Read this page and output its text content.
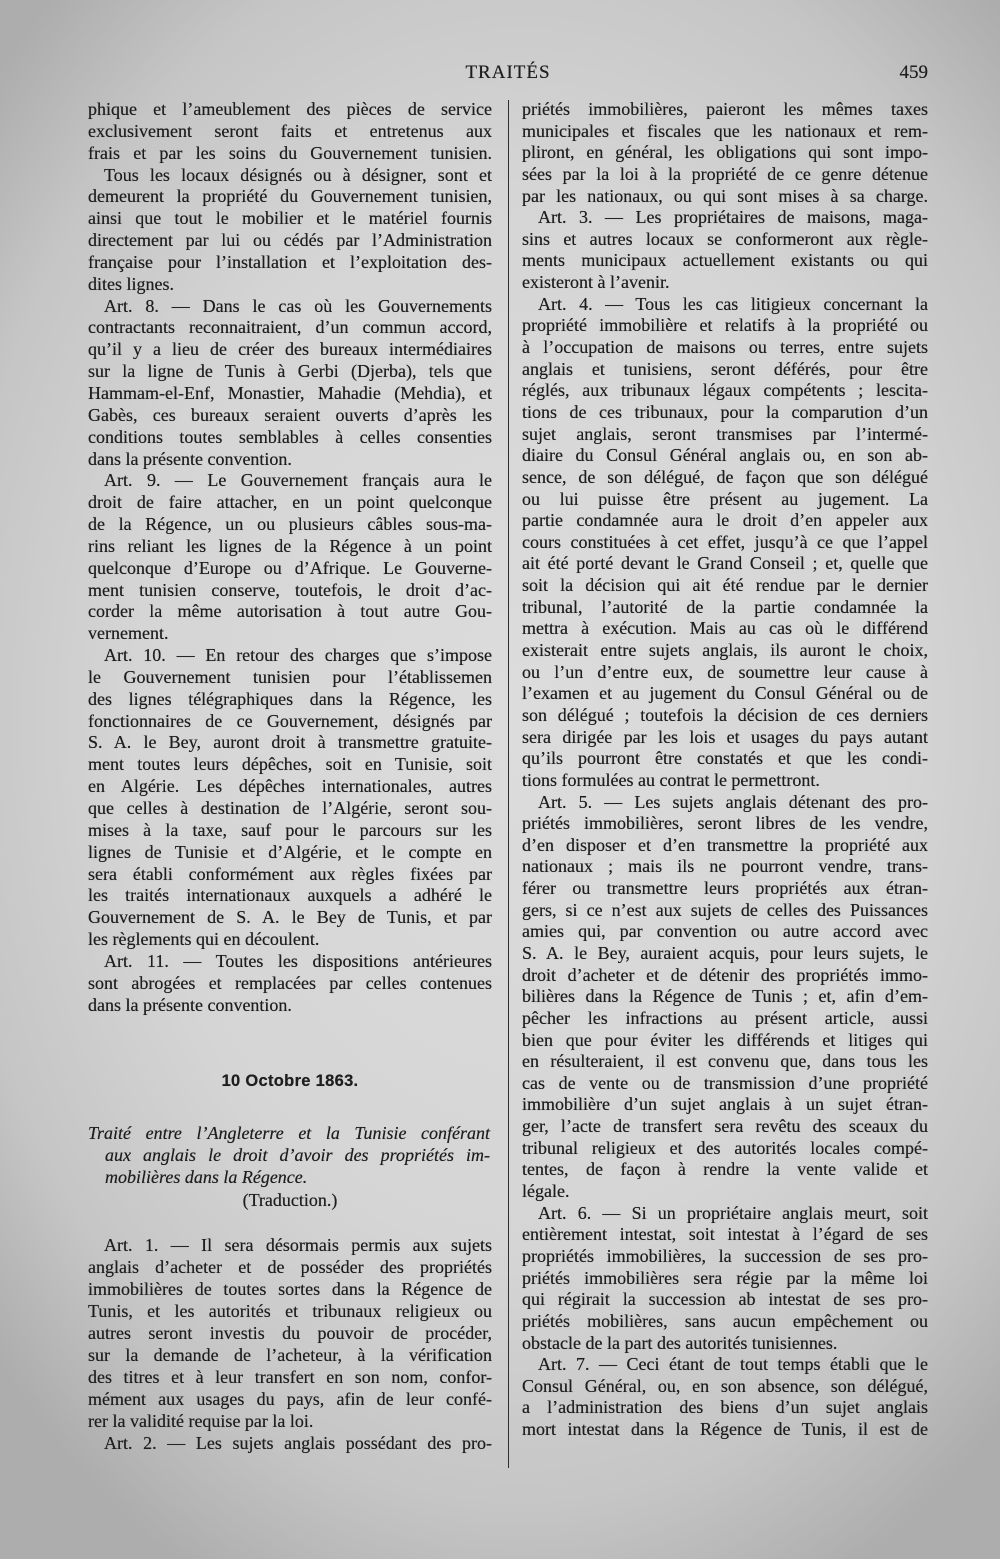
TRAITÉS	459
phique et l’ameublement des pièces de service
exclusivement seront faits et entretenus aux
frais et par les soins du Gouvernement tunisien.
Tous les locaux désignés ou à désigner, sont et
demeurent la propriété du Gouvernement tunisien,
ainsi que tout le mobilier et le matériel fournis
directement par lui ou cédés par l’Administration
française pour l’installation et l’exploitation des-
dites lignes.
Art. 8. — Dans le cas où les Gouvernements
contractants reconnaitraient, d’un commun accord,
qu’il y a lieu de créer des bureaux intermédiaires
sur la ligne de Tunis à Gerbi (Djerba), tels que
Hammam-el-Enf, Monastier, Mahadie (Mehdia), et
Gabès, ces bureaux seraient ouverts d’après les
conditions toutes semblables à celles consenties
dans la présente convention.
Art. 9. — Le Gouvernement français aura le
droit de faire attacher, en un point quelconque
de la Régence, un ou plusieurs câbles sous-ma-
rins reliant les lignes de la Régence à un point
quelconque d’Europe ou d’Afrique. Le Gouverne-
ment tunisien conserve, toutefois, le droit d’ac-
corder la même autorisation à tout autre Gou-
vernement.
Art. 10. — En retour des charges que s’impose
le Gouvernement tunisien pour l’établissemen
des lignes télégraphiques dans la Régence, les
fonctionnaires de ce Gouvernement, désignés par
S. A. le Bey, auront droit à transmettre gratuite-
ment toutes leurs dépêches, soit en Tunisie, soit
en Algérie. Les dépêches internationales, autres
que celles à destination de l’Algérie, seront sou-
mises à la taxe, sauf pour le parcours sur les
lignes de Tunisie et d’Algérie, et le compte en
sera établi conformément aux règles fixées par
les traités internationaux auxquels a adhéré le
Gouvernement de S. A. le Bey de Tunis, et par
les règlements qui en découlent.
Art. 11. — Toutes les dispositions antérieures
sont abrogées et remplacées par celles contenues
dans la présente convention.
10 Octobre 1863.
Traité entre l’Angleterre et la Tunisie conférant
aux anglais le droit d’avoir des propriétés im-
mobilières dans la Régence.
(Traduction.)
Art. 1. — Il sera désormais permis aux sujets
anglais d’acheter et de posséder des propriétés
immobilières de toutes sortes dans la Régence de
Tunis, et les autorités et tribunaux religieux ou
autres seront investis du pouvoir de procéder,
sur la demande de l’acheteur, à la vérification
des titres et à leur transfert en son nom, confor-
mément aux usages du pays, afin de leur confé-
rer la validité requise par la loi.
Art. 2. — Les sujets anglais possédant des pro-
priétés immobilières, paieront les mêmes taxes
municipales et fiscales que les nationaux et rem-
pliront, en général, les obligations qui sont impo-
sées par la loi à la propriété de ce genre détenue
par les nationaux, ou qui sont mises à sa charge.
Art. 3. — Les propriétaires de maisons, maga-
sins et autres locaux se conformeront aux règle-
ments municipaux actuellement existants ou qui
existeront à l’avenir.
Art. 4. — Tous les cas litigieux concernant la
propriété immobilière et relatifs à la propriété ou
à l’occupation de maisons ou terres, entre sujets
anglais et tunisiens, seront déférés, pour être
réglés, aux tribunaux légaux compétents ; lescita-
tions de ces tribunaux, pour la comparution d’un
sujet anglais, seront transmises par l’intermé-
diaire du Consul Général anglais ou, en son ab-
sence, de son délégué, de façon que son délégué
ou lui puisse être présent au jugement. La
partie condamnée aura le droit d’en appeler aux
cours constituées à cet effet, jusqu’à ce que l’appel
ait été porté devant le Grand Conseil ; et, quelle que
soit la décision qui ait été rendue par le dernier
tribunal, l’autorité de la partie condamnée la
mettra à exécution. Mais au cas où le différend
existerait entre sujets anglais, ils auront le choix,
ou l’un d’entre eux, de soumettre leur cause à
l’examen et au jugement du Consul Général ou de
son délégué ; toutefois la décision de ces derniers
sera dirigée par les lois et usages du pays autant
qu’ils pourront être constatés et que les condi-
tions formulées au contrat le permettront.
Art. 5. — Les sujets anglais détenant des pro-
priétés immobilières, seront libres de les vendre,
d’en disposer et d’en transmettre la propriété aux
nationaux ; mais ils ne pourront vendre, trans-
férer ou transmettre leurs propriétés aux étran-
gers, si ce n’est aux sujets de celles des Puissances
amies qui, par convention ou autre accord avec
S. A. le Bey, auraient acquis, pour leurs sujets, le
droit d’acheter et de détenir des propriétés immo-
bilières dans la Régence de Tunis ; et, afin d’em-
pêcher les infractions au présent article, aussi
bien que pour éviter les différends et litiges qui
en résulteraient, il est convenu que, dans tous les
cas de vente ou de transmission d’une propriété
immobilière d’un sujet anglais à un sujet étran-
ger, l’acte de transfert sera revêtu des sceaux du
tribunal religieux et des autorités locales compé-
tentes, de façon à rendre la vente valide et
légale.
Art. 6. — Si un propriétaire anglais meurt, soit
entièrement intestat, soit intestat à l’égard de ses
propriétés immobilières, la succession de ses pro-
priétés immobilières sera régie par la même loi
qui régirait la succession ab intestat de ses pro-
priétés mobilières, sans aucun empêchement ou
obstacle de la part des autorités tunisiennes.
Art. 7. — Ceci étant de tout temps établi que le
Consul Général, ou, en son absence, son délégué,
a l’administration des biens d’un sujet anglais
mort intestat dans la Régence de Tunis, il est de
